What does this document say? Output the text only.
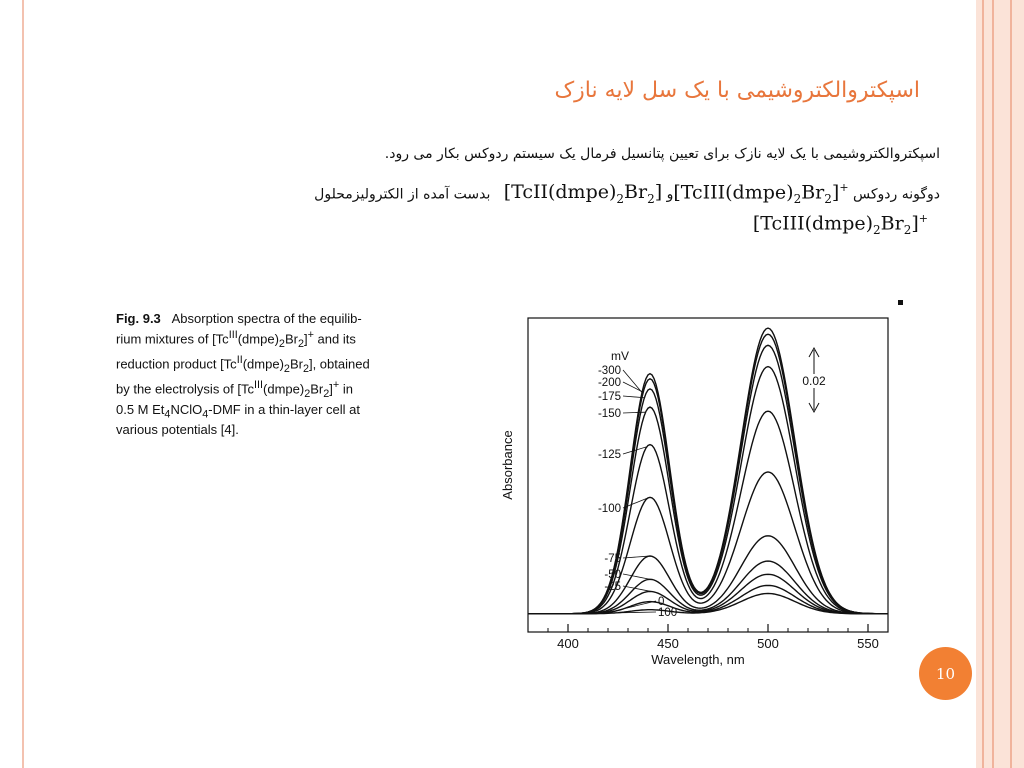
اسپکتروالکتروشیمی با یک سل لایه نازک
اسپکتروالکتروشیمی با یک لایه نازک برای تعیین پتانسیل فرمال یک سیستم ردوکس بکار می رود.
دوگونه ردوکس $[TcIII(dmpe)_2Br_2]^+و$ $[TcII(dmpe)_2Br_2]$   بدست آمده از الکترولیزمحلول
$[TcIII(dmpe)_2Br_2]^+$
Fig. 9.3 Absorption spectra of the equilib-
rium mixtures of $[Tc^{III}(dmpe)_2Br_2]^+$ and its
reduction product $[Tc^{II}(dmpe)_2Br_2]$, obtained
by the electrolysis of $[Tc^{III}(dmpe)_2Br_2]^+$ in
0.5 M $Et_4NClO_4$-DMF in a thin-layer cell at
various potentials [4].
400	450	500	550
Wavelength, nm
Absorbance
-300
-200
-175
-150
-125
-100
-75
-50
-25
0
100
mV
0.02
10
